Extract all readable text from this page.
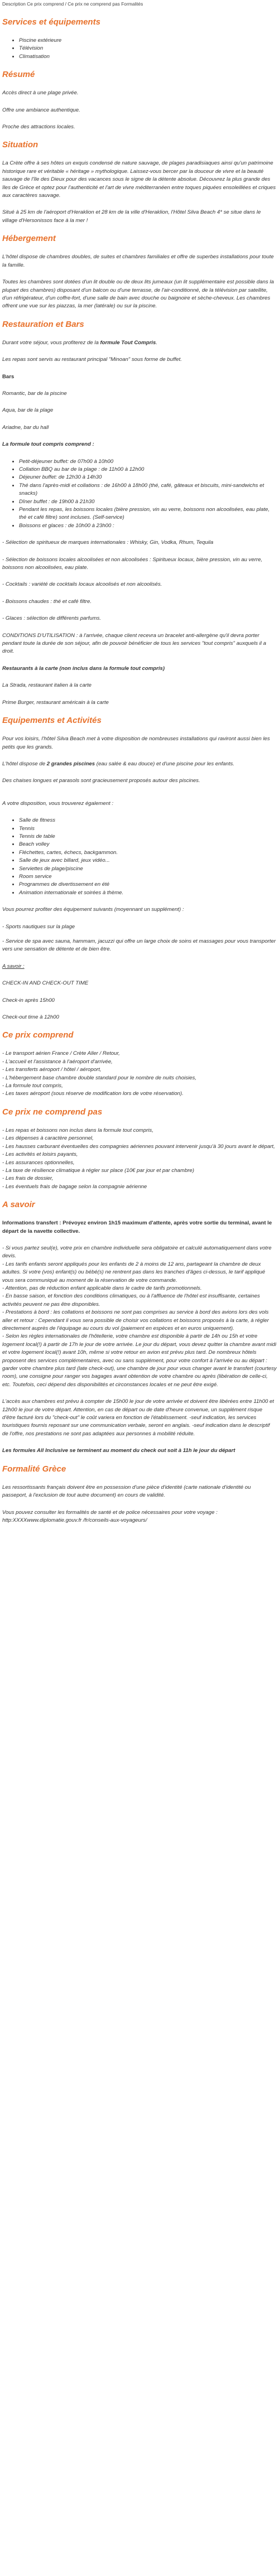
Description Ce prix comprend / Ce prix ne comprend pas Formalités
Services et équipements
• Piscine extérieure
• Télévision
• Climatisation
Résumé

Accès direct à une plage privée.

Offre une ambiance authentique.

Proche des attractions locales.

Situation

La Crète offre à ses hôtes un exquis condensé de nature sauvage, de plages paradisiaques ainsi qu'un patrimoine historique rare et véritable « héritage » mythologique. Laissez-vous bercer par la douceur de vivre et la beauté sauvage de l'île des Dieux pour des vacances sous le signe de la détente absolue. Découvrez la plus grande des îles de Grèce et optez pour l'authenticité et l'art de vivre méditerranéen entre toques piquées ensoleillées et criques aux caractères sauvage.

Situé à 25 km de l'aéroport d'Heraklion et 28 km de la ville d'Heraklion, l'Hôtel Silva Beach 4* se situe dans le village d'Hersonissos face à la mer !

Hébergement

L'hôtel dispose de chambres doubles, de suites et chambres familiales et offre de superbes installations pour toute la famille.

Toutes les chambres sont dotées d'un lit double ou de deux lits jumeaux (un lit supplémentaire est possible dans la plupart des chambres) disposant d'un balcon ou d'une terrasse, de l'air-conditionné, de la télévision par satellite, d'un réfrigérateur, d'un coffre-fort, d'une salle de bain avec douche ou baignoire et sèche-cheveux. Les chambres offrent une vue sur les piazzas, la mer (latérale) ou sur la piscine.

Restauration et Bars

Durant votre séjour, vous profiterez de la formule Tout Compris.

Les repas sont servis au restaurant principal "Minoan" sous forme de buffet.

Bars

Romantic, bar de la piscine

Aqua, bar de la plage

Ariadne, bar du hall

La formule tout compris comprend :

• Petit-déjeuner buffet: de 07h00 à 10h00
• Collation BBQ au bar de la plage : de 11h00 à 12h00
• Déjeuner buffet: de 12h30 à 14h30
• Thé dans l'après-midi et collations : de 16h00 à 18h00 (thé, café, gâteaux et biscuits, mini-sandwichs et snacks)
• Dîner buffet : de 19h00 à 21h30
• Pendant les repas, les boissons locales (bière pression, vin au verre, boissons non alcoolisées, eau plate, thé et café filtre) sont incluses. (Self-service)
• Boissons et glaces : de 10h00 à 23h00 :

- Sélection de spiritueux de marques internationales : Whisky, Gin, Vodka, Rhum, Tequila

- Sélection de boissons locales alcoolisées et non alcoolisées : Spiritueux locaux, bière pression, vin au verre, boissons non alcoolisées, eau plate.

- Cocktails : variété de cocktails locaux alcoolisés et non alcoolisés.

- Boissons chaudes : thé et café filtre.

- Glaces : sélection de différents parfums.

CONDITIONS D'UTILISATION : à l'arrivée, chaque client recevra un bracelet anti-allergène qu'il devra porter pendant toute la durée de son séjour, afin de pouvoir bénéficier de tous les services "tout compris" auxquels il a droit.

Restaurants à la carte (non inclus dans la formule tout compris)

La Strada, restaurant italien à la carte

Prime Burger, restaurant américain à la carte

Equipements et Activités

Pour vos loisirs, l'hôtel Silva Beach met à votre disposition de nombreuses installations qui raviront aussi bien les petits que les grands.

L'hôtel dispose de 2 grandes piscines (eau salée & eau douce) et d'une piscine pour les enfants.

Des chaises longues et parasols sont gracieusement proposés autour des piscines.

A votre disposition, vous trouverez également :

• Salle de fitness
• Tennis
• Tennis de table
• Beach volley
• Fléchettes, cartes, échecs, backgammon.
• Salle de jeux avec billard, jeux vidéo...
• Serviettes de plage/piscine
• Room service
• Programmes de divertissement en été
• Animation internationale et soirées à thème.

Vous pourrez profiter des équipement suivants (moyennant un supplément) :

- Sports nautiques sur la plage

- Service de spa avec sauna, hammam, jacuzzi qui offre un large choix de soins et massages pour vous transporter vers une sensation de détente et de bien être.

A savoir :

CHECK-IN AND CHECK-OUT TIME

Check-in après 15h00

Check-out time à 12h00

Ce prix comprend

- Le transport aérien France / Crète Aller / Retour,
- L'accueil et l'assistance à l'aéroport d'arrivée,
- Les transferts aéroport / hôtel / aéroport,
- L'hébergement base chambre double standard pour le nombre de nuits choisies,
- La formule tout compris,
- Les taxes aéroport (sous réserve de modification lors de votre réservation).

Ce prix ne comprend pas

- Les repas et boissons non inclus dans la formule tout compris,
- Les dépenses à caractère personnel,
- Les hausses carburant éventuelles des compagnies aériennes pouvant intervenir jusqu'à 30 jours avant le départ,
- Les activités et loisirs payants,
- Les assurances optionnelles,
- La taxe de résilience climatique à régler sur place (10€ par jour et par chambre)
- Les frais de dossier,
- Les éventuels frais de bagage selon la compagnie aérienne

A savoir

Informations transfert : Prévoyez environ 1h15 maximum d'attente, après votre sortie du terminal, avant le départ de la navette collective.

- Si vous partez seul(e), votre prix en chambre individuelle sera obligatoire et calculé automatiquement dans votre devis.
- Les tarifs enfants seront appliqués pour les enfants de 2 à moins de 12 ans, partageant la chambre de deux adultes. Si votre (vos) enfant(s) ou bébé(s) ne rentrent pas dans les tranches d'âges ci-dessus, le tarif appliqué vous sera communiqué au moment de la réservation de votre commande.
- Attention, pas de réduction enfant applicable dans le cadre de tarifs promotionnels.
- En basse saison, et fonction des conditions climatiques, ou à l'affluence de l'hôtel est insuffisante, certaines activités peuvent ne pas être disponibles.
- Prestations à bord : les collations et boissons ne sont pas comprises au service à bord des avions lors des vols aller et retour : Cependant il vous sera possible de choisir vos collations et boissons proposés à la carte, à régler directement auprès de l'équipage au cours du vol (paiement en espèces et en euros uniquement).
- Selon les règles internationales de l'hôtellerie, votre chambre est disponible à partir de 14h ou 15h et votre logement local(!) à partir de 17h le jour de votre arrivée. Le jour du départ, vous devez quitter la chambre avant midi et votre logement local(!) avant 10h, même si votre retour en avion est prévu plus tard. De nombreux hôtels proposent des services complémentaires, avec ou sans supplément, pour votre confort à l'arrivée ou au départ : garder votre chambre plus tard (late check-out), une chambre de jour pour vous changer avant le transfert (courtesy room), une consigne pour ranger vos bagages avant obtention de votre chambre ou après (libération de celle-ci, etc. Toutefois, ceci dépend des disponibilités et circonstances locales et ne peut être exigé.

L'accès aux chambres est prévu à compter de 15h00 le jour de votre arrivée et doivent être libérées entre 11h00 et 12h00 le jour de votre départ. Attention, en cas de départ ou de date d'heure convenue, un supplément risque d'être facturé lors du "check-out" le coût variera en fonction de l'établissement. -seuf indication, les services touristiques fournis reposant sur une communication verbale, seront en anglais. -seuf indication dans le descriptif de l'offre, nos prestations ne sont pas adaptées aux personnes à mobilité réduite.

Les formules All Inclusive se terminent au moment du check out soit à 11h le jour du départ

Formalité Grèce

Les ressortissants français doivent être en possession d'une pièce d'identité (carte nationale d'identité ou passeport, à l'exclusion de tout autre document) en cours de validité.

Vous pouvez consulter les formalités de santé et de police nécessaires pour votre voyage : http:XXXXwww.diplomatie.gouv.fr /fr/conseils-aux-voyageurs/
